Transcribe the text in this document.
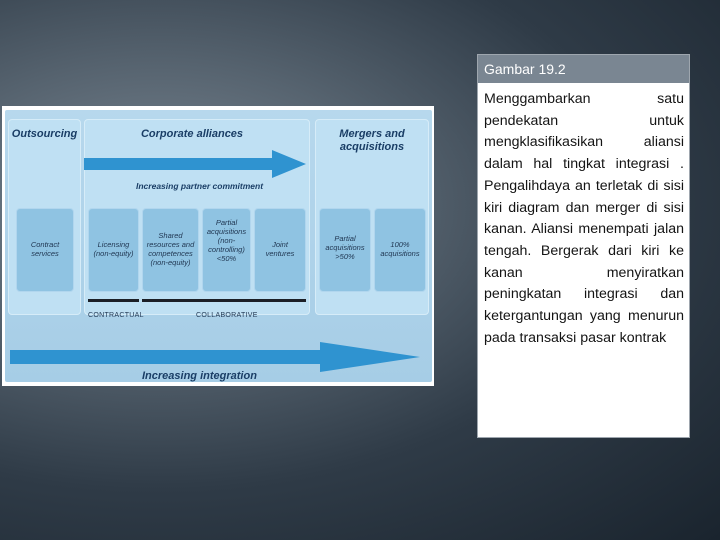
Outsourcing	Corporate alliances	Mergers and acquisitions
Increasing partner commitment
Contract services
Licensing (non-equity)
Shared resources and competences (non-equity)
Partial acquisitions (non-controlling) <50%
Joint ventures
Partial acquisitions >50%
100% acquisitions
CONTRACTUAL	COLLABORATIVE
Increasing integration
Gambar 19.2
Menggambarkan satu pendekatan untuk mengklasifikasikan aliansi dalam hal tingkat integrasi . Pengalihdaya an terletak di sisi kiri diagram dan merger di sisi kanan. Aliansi menempati jalan tengah. Bergerak dari kiri ke kanan menyiratkan peningkatan integrasi dan ketergantungan yang menurun pada transaksi pasar kontrak
